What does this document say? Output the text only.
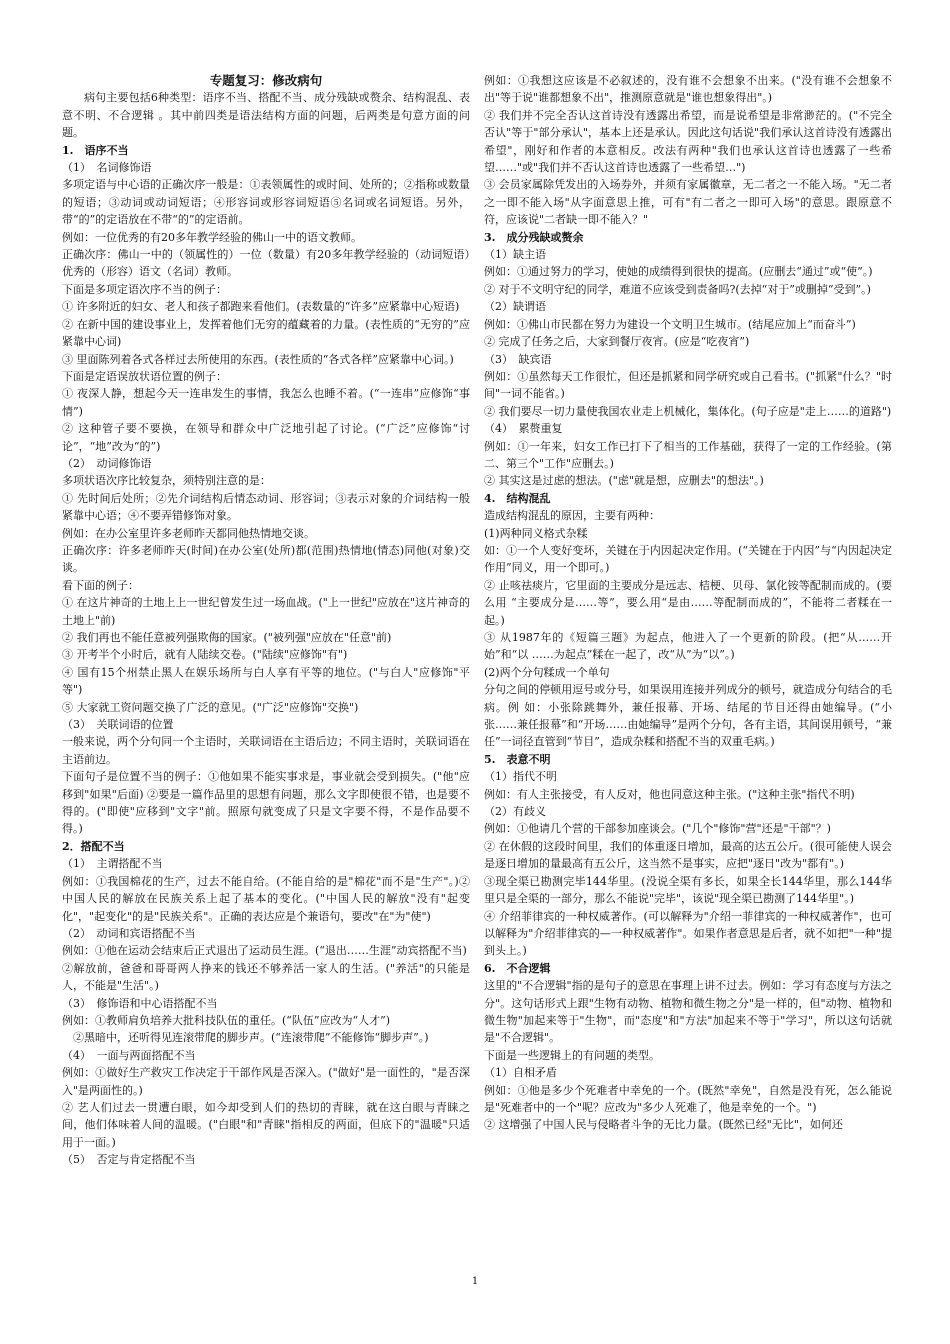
专题复习：修改病句

病句主要包括6种类型：语序不当、搭配不当、成分残缺或赘余、结构混乱、表意不明、不合逻辑 。其中前四类是语法结构方面的问题，后两类是句意方面的问题。

1.　语序不当

（1）　名词修饰语

多项定语与中心语的正确次序一般是：①表领属性的或时间、处所的；②指称或数量的短语；③动词或动词短语；④形容词或形容词短语⑤名词或名词短语。另外，带“的”的定语放在不带“的”的定语前。

例如：一位优秀的有20多年教学经验的佛山一中的语文教师。

正确次序：佛山一中的（领属性的）一位（数量）有20多年教学经验的（动词短语）优秀的（形容）语文（名词）教师。

下面是多项定语次序不当的例子：

① 许多附近的妇女、老人和孩子都跑来看他们。(表数量的“许多”应紧靠中心短语)

② 在新中国的建设事业上，发挥着他们无穷的蕴藏着的力量。(表性质的“无穷的”应紧靠中心词)

③ 里面陈列着各式各样过去所使用的东西。(表性质的“各式各样”应紧靠中心词。)

下面是定语误放状语位置的例子：

① 夜深人静，想起今天一连串发生的事情，我怎么也睡不着。(“一连串”应修饰“事情”)

② 这种管子要不要换，在领导和群众中广泛地引起了讨论。(“广泛”应修饰“讨论”，“地”改为“的”)

（2）　动词修饰语

多项状语次序比较复杂，须特别注意的是：

① 先时间后处所；②先介词结构后情态动词、形容词；③表示对象的介词结构一般紧靠中心语；④不要弄错修饰对象。

例如：在办公室里许多老师昨天都同他热情地交谈。

正确次序：许多老师昨天(时间)在办公室(处所)都(范围)热情地(情态)同他(对象)交谈。

看下面的例子：

① 在这片神奇的土地上上一世纪曾发生过一场血战。("上一世纪"应放在"这片神奇的土地上"前)

② 我们再也不能任意被列强欺侮的国家。("被列强"应放在"任意"前)

③ 开考半个小时后，就有人陆续交卷。("陆续"应修饰"有")

④ 国有15个州禁止黑人在娱乐场所与白人享有平等的地位。("与白人"应修饰"平等")

⑤ 大家就工资问题交换了广泛的意见。("广泛"应修饰"交换")

（3）　关联词语的位置

一般来说，两个分句同一个主语时，关联词语在主语后边；不同主语时，关联词语在主语前边。

下面句子是位置不当的例子：①他如果不能实事求是，事业就会受到损失。("他"应移到"如果"后面) ②要是一篇作品里的思想有问题，那么文字即使很不错，也是要不得的。("即使"应移到"文字"前。照原句就变成了只是文字要不得，不是作品要不得。)

2．搭配不当

（1）　主谓搭配不当

例如：①我国棉花的生产，过去不能自给。(不能自给的是"棉花"而不是"生产"。)②中国人民的解放在民族关系上起了基本的变化。("中国人民的解放"没有"起变化"，"起变化"的是"民族关系"。正确的表达应是个兼语句，要改"在"为"使")

（2）　动词和宾语搭配不当

例如：①他在运动会结束后正式退出了运动员生涯。(“退出……生涯”动宾搭配不当)

②解放前，爸爸和哥哥两人挣来的钱还不够养活一家人的生活。("养活"的只能是人，不能是"生活"。)

（3）　修饰语和中心语搭配不当

例如：①教师肩负培养大批科技队伍的重任。(“队伍”应改为“人才”)

　②黑暗中，还听得见连滚带爬的脚步声。(“连滚带爬”不能修饰“脚步声”。)

（4）　一面与两面搭配不当

例如：①做好生产救灾工作决定于干部作风是否深入。("做好"是一面性的，"是否深入"是两面性的。)

② 艺人们过去一贯遭白眼，如今却受到人们的热切的青睐，就在这白眼与青睐之间，他们体味着人间的温暖。("白眼"和"青睐"指相反的两面，但底下的"温暖"只适用于一面。)

（5）　否定与肯定搭配不当

例如：①我想这应该是不必叙述的，没有谁不会想象不出来。("没有谁不会想象不出"等于说"谁都想象不出"，推测原意就是"谁也想象得出"。)

② 我们并不完全否认这首诗没有透露出希望，而是说希望是非常渺茫的。("不完全否认"等于"部分承认"，基本上还是承认。因此这句话说"我们承认这首诗没有透露出希望"，刚好和作者的本意相反。改法有两种"我们也承认这首诗也透露了一些希望……"或"我们并不否认这首诗也透露了一些希望…")

③ 会员家属除凭发出的入场券外，并须有家属徽章，无二者之一不能入场。"无二者之一即不能入场"从字面意思上推，可有"有二者之一即可入场"的意思。跟原意不符，应该说"二者缺一即不能入？"

3.　成分残缺或赘余

（1）缺主语

例如：①通过努力的学习，使她的成绩得到很快的提高。(应删去“通过”或“使”。)

② 对于不文明守纪的同学，难道不应该受到责备吗?(去掉“对于”或删掉“受到”。)

（2）缺谓语

例如：①佛山市民都在努力为建设一个文明卫生城市。(结尾应加上“而奋斗”)

② 完成了任务之后，大家到餐厅夜宵。(应是“吃夜宵”)

（3）　缺宾语

例如：①虽然每天工作很忙，但还是抓紧和同学研究或自己看书。("抓紧"什么？"时间"一词不能省。)

② 我们要尽一切力量使我国农业走上机械化，集体化。(句子应是"走上……的道路")

（4）　累赘重复

例如：①一年来，妇女工作已打下了相当的工作基础，获得了一定的工作经验。(第二、第三个"工作"应删去。)

② 其实这是过虑的想法。("虑"就是想，应删去"的想法"。)

4.　结构混乱

造成结构混乱的原因，主要有两种：

(1)两种同义格式杂糅

如：①一个人变好变坏，关键在于内因起决定作用。(“关键在于内因”与“内因起决定作用”同义，用一个即可。)

② 止咳祛痰片，它里面的主要成分是远志、桔梗、贝母、氯化铵等配制而成的。(要么用 “主要成分是……等”，要么用“是由……等配制而成的”，不能将二者糅在一起。)

③ 从1987年的《短篇三题》为起点，他进入了一个更新的阶段。(把“从……开始”和“以 ……为起点”糅在一起了，改“从”为“以”。)

(2)两个分句糅成一个单句

分句之间的停顿用逗号或分号，如果误用连接并列成分的顿号，就造成分句结合的毛病。例 如：小张除跳舞外，兼任报幕、开场、结尾的节目还得由她编导。(“小张……兼任报幕”和“开场……由她编导”是两个分句，各有主语，其间误用顿号，“兼任”一词径直管到“节目”，造成杂糅和搭配不当的双重毛病。)

5.　表意不明

（1）指代不明

例如：有人主张接受，有人反对，他也同意这种主张。("这种主张"指代不明)

（2）有歧义

例如：①他请几个营的干部参加座谈会。("几个"修饰"营"还是"干部"？)

② 在休假的这段时间里，我们的体重逐日增加，最高的达五公斤。(很可能使人误会是逐日增加的量最高有五公斤，这当然不是事实，应把"逐日"改为"都有"。)

③现全渠已勘测完毕144华里。(没说全渠有多长，如果全长144华里，那么144华里只是全渠的一部分，那么不能说"完毕"，该说"现全渠已勘测了144华里"。)

④ 介绍菲律宾的一种权威著作。(可以解释为"介绍一菲律宾的一种权威著作"，也可以解释为"介绍菲律宾的—一种权威著作"。如果作者意思是后者，就不如把"一种"提到头上。)

6.　不合逻辑

这里的"不合逻辑"指的是句子的意思在事理上讲不过去。例如：学习有态度与方法之分"。这句话形式上跟"生物有动物、植物和微生物之分"是一样的，但"动物、植物和微生物"加起来等于"生物"，而"态度"和"方法"加起来不等于"学习"，所以这句话就是"不合逻辑"。

下面是一些逻辑上的有问题的类型。

（1）自相矛盾

例如：①他是多少个死难者中幸免的一个。(既然"幸免"，自然是没有死，怎么能说是"死难者中的一个"呢？应改为"多少人死难了，他是幸免的一个。")

② 这增强了中国人民与侵略者斗争的无比力量。(既然已经"无比"，如何还

1
